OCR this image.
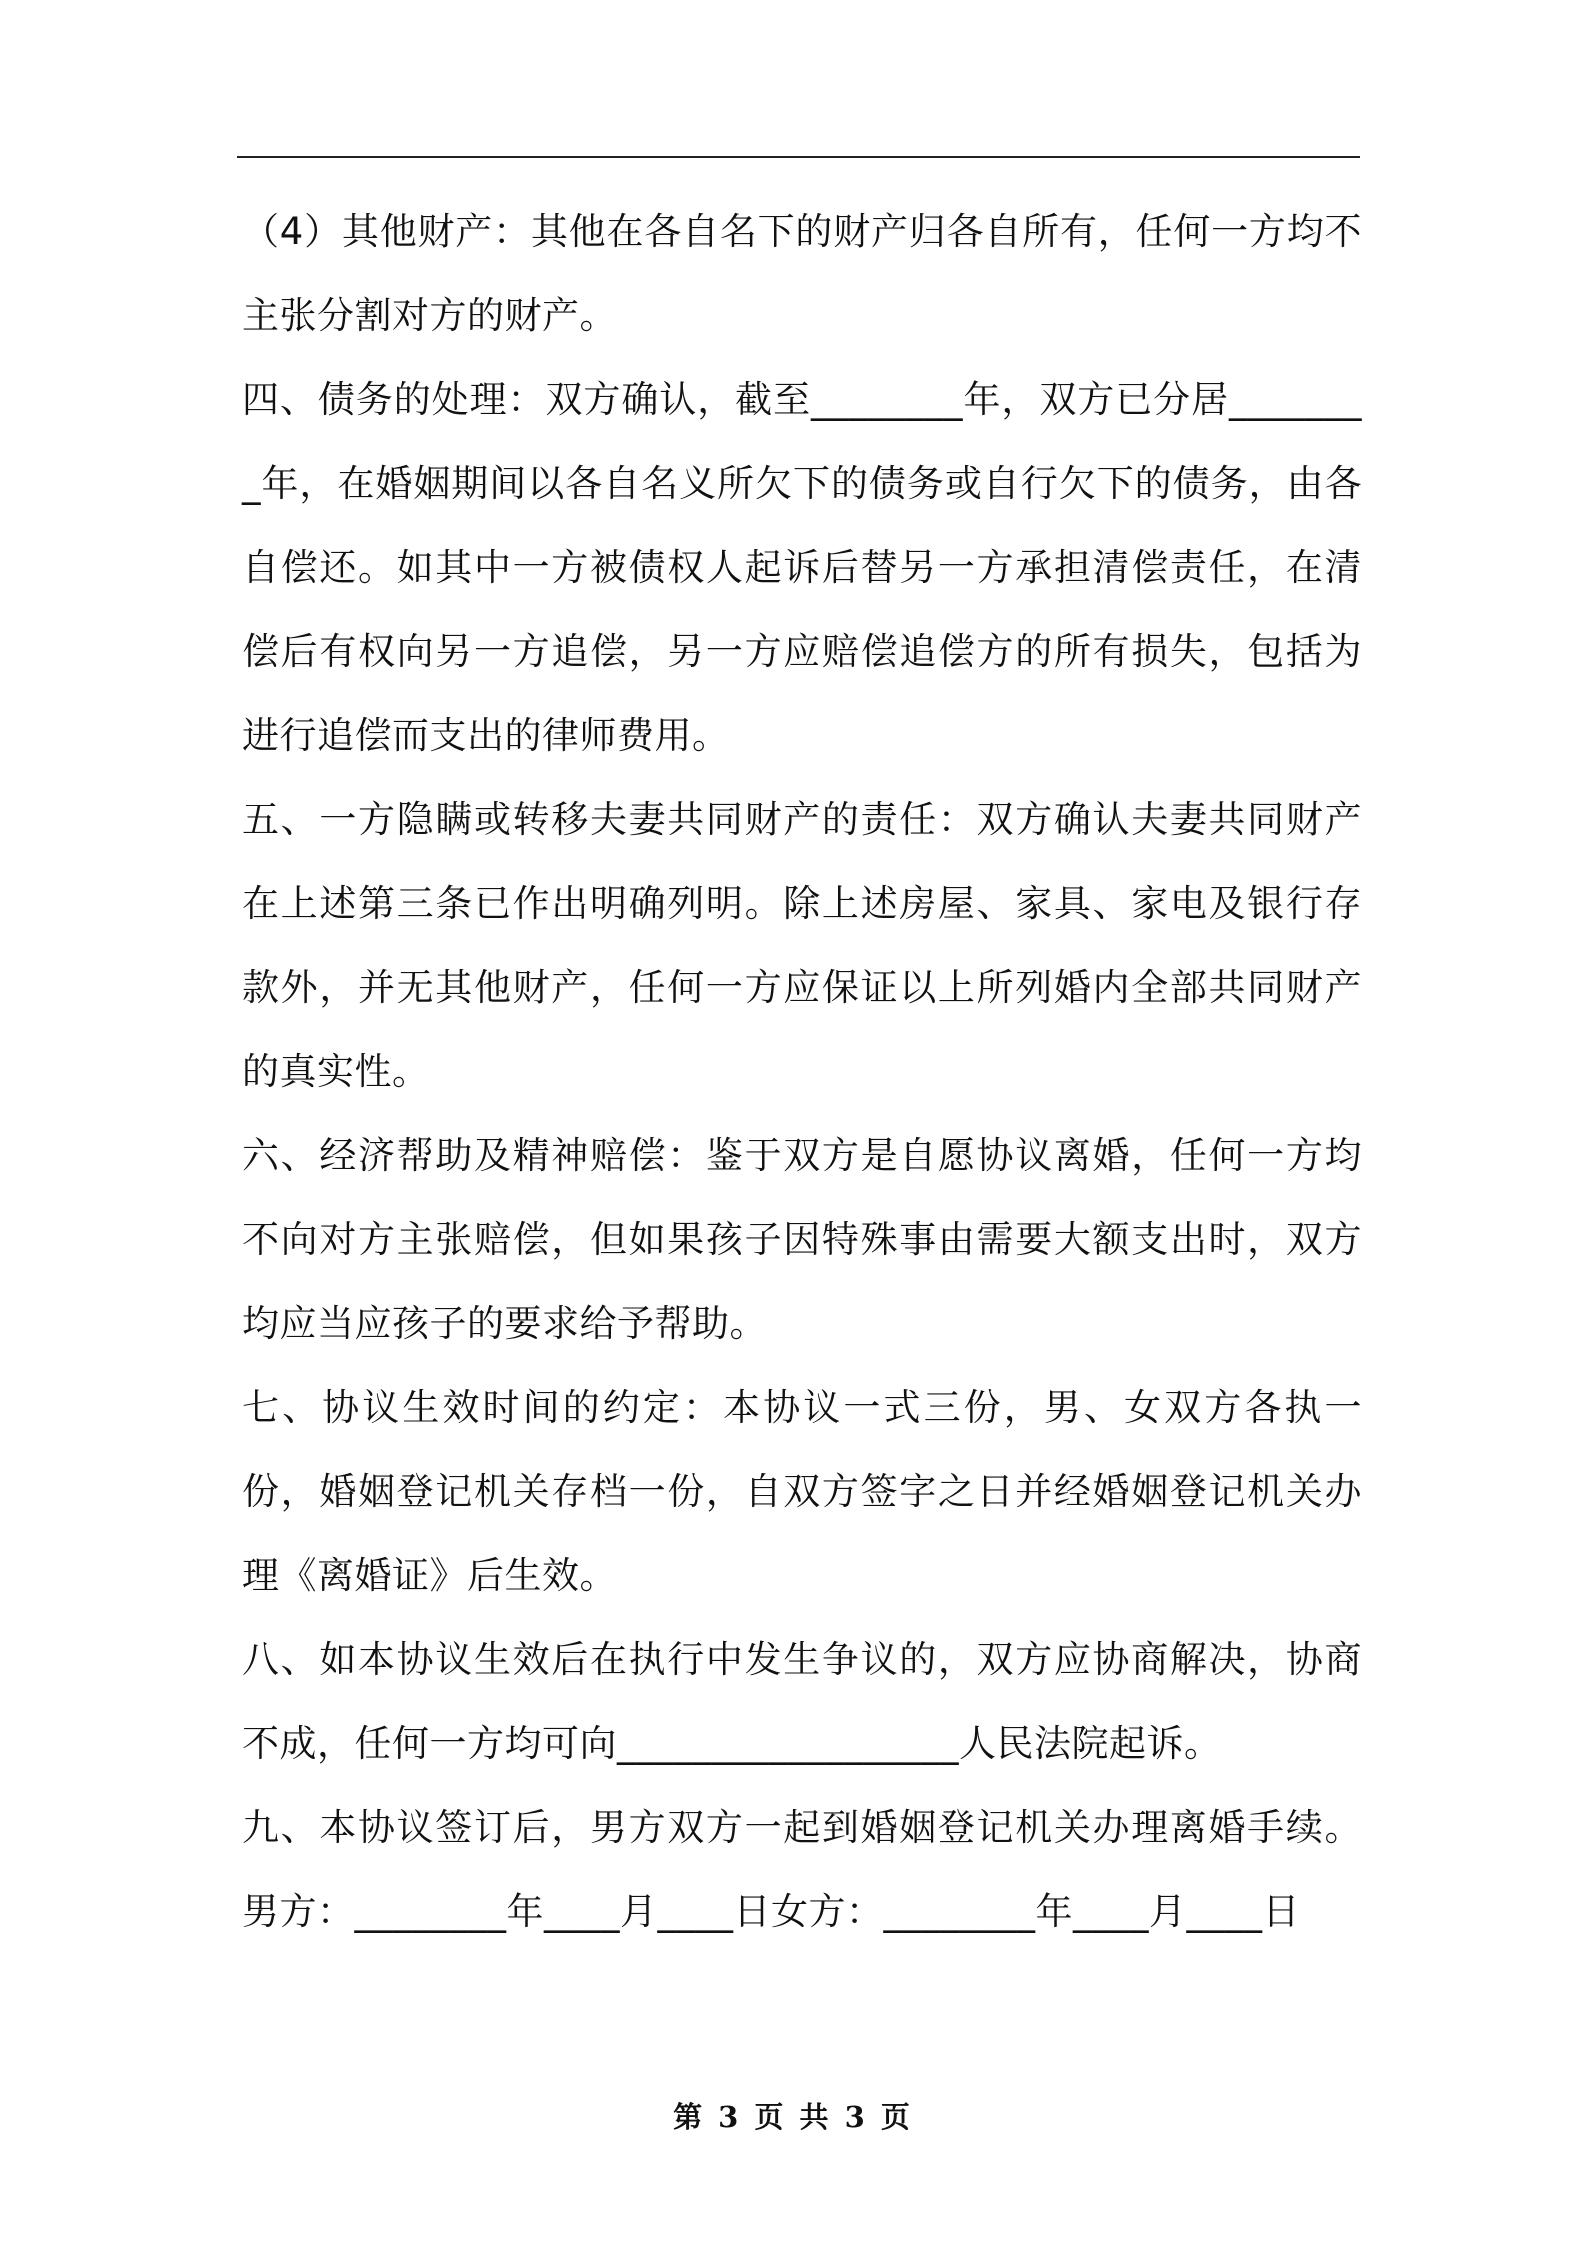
（4）其他财产：其他在各自名下的财产归各自所有，任何一方均不主张分割对方的财产。

四、债务的处理：双方确认，截至________年，双方已分居________年，在婚姻期间以各自名义所欠下的债务或自行欠下的债务，由各自偿还。如其中一方被债权人起诉后替另一方承担清偿责任，在清偿后有权向另一方追偿，另一方应赔偿追偿方的所有损失，包括为进行追偿而支出的律师费用。

五、一方隐瞒或转移夫妻共同财产的责任：双方确认夫妻共同财产在上述第三条已作出明确列明。除上述房屋、家具、家电及银行存款外，并无其他财产，任何一方应保证以上所列婚内全部共同财产的真实性。

六、经济帮助及精神赔偿：鉴于双方是自愿协议离婚，任何一方均不向对方主张赔偿，但如果孩子因特殊事由需要大额支出时，双方均应当应孩子的要求给予帮助。

七、协议生效时间的约定：本协议一式三份，男、女双方各执一份，婚姻登记机关存档一份，自双方签字之日并经婚姻登记机关办理《离婚证》后生效。

八、如本协议生效后在执行中发生争议的，双方应协商解决，协商不成，任何一方均可向__________________人民法院起诉。

九、本协议签订后，男方双方一起到婚姻登记机关办理离婚手续。男方：________年____月____日女方：________年____月____日

第 3 页 共 3 页
